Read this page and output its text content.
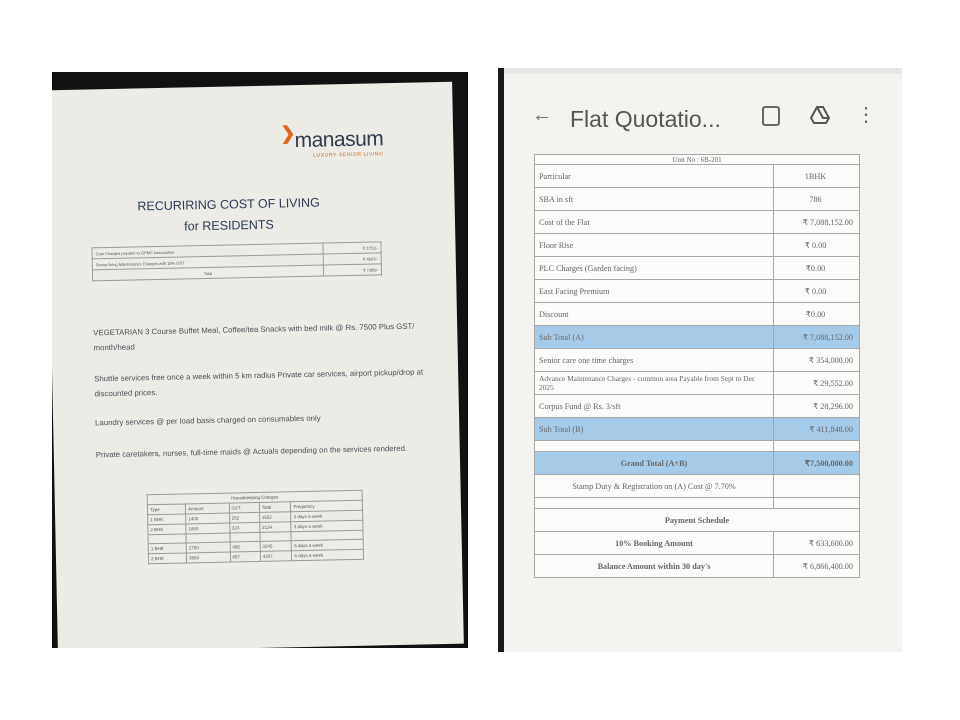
❯ manasum
LUXURY SENIOR LIVING
RECURIRING COST OF LIVING
for RESIDENTS
Cam Charges payable to GPMC Association	₹ 2751/-
Senior living Maintenance Charges with 18% GST	₹ 4637/-
Total	₹ 7388/-
VEGETARIAN 3 Course Buffet Meal, Coffee/tea Snacks with bed milk @ Rs. 7500 Plus GST/ month/head
Shuttle services free once a week within 5 km radius Private car services, airport pickup/drop at discounted prices.
Laundry services @ per load basis charged on consumables only
Private caretakers, nurses, full-time maids @ Actuals depending on the services rendered.
Housekeeping Charges				
Type	Amount	GST	Total	Frequency
1 BHK	1400	252	1652	3 days a week
2 BHK	1800	324	2124	3 days a week

1 BHK	2750	495	3245	6 days a week
2 BHK	3650	657	4307	6 days a week
← Flat Quotatio...	⋮
Unit No : 6B-201	
Particular	1BHK
SBA in sft	786
Cost of the Flat	₹ 7,088,152.00
Floor Rise	₹ 0.00
PLC Charges (Garden facing)	₹0.00
East Facing Premium	₹ 0.00
Discount	₹0.00
Sub Total (A)	₹ 7,088,152.00
Senior care one time charges	₹ 354,000.00
Advance Maintenance Charges - common area Payable from Sept to Dec 2025	₹ 29,552.00
Corpus Fund @ Rs. 3/sft	₹ 28,296.00
Sub Total (B)	₹ 411,848.00

Grand Total (A+B)	₹7,500,000.00
Stamp Duty & Registration on (A) Cost @ 7.70%	

Payment Schedule	
10% Booking Amount	₹ 633,600.00
Balance Amount within 30 day's	₹ 6,866,400.00
